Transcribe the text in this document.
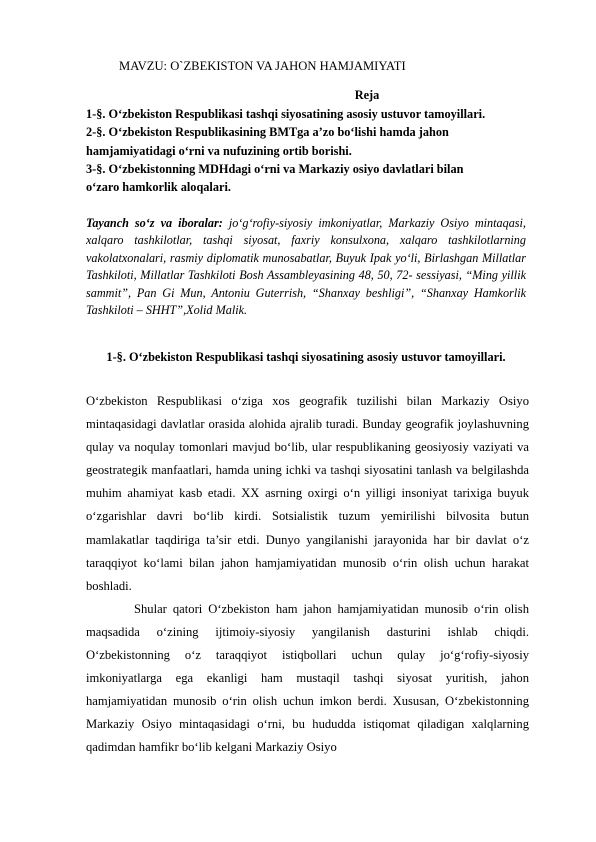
MAVZU: O`ZBEKISTON VA JAHON HAMJAMIYATI
Reja
1-§. O‘zbekiston Respublikasi tashqi siyosatining asosiy ustuvor tamoyillari.
2-§. O‘zbekiston Respublikasining BMTga a’zo bo‘lishi hamda jahon
hamjamiyatidagi o‘rni va nufuzining ortib borishi.
3-§. O‘zbekistonning MDHdagi o‘rni va Markaziy osiyo davlatlari bilan
o‘zaro hamkorlik aloqalari.
Tayanch so‘z va iboralar: jo‘g‘rofiy-siyosiy imkoniyatlar, Markaziy Osiyo mintaqasi, xalqaro tashkilotlar, tashqi siyosat, faxriy konsulxona, xalqaro tashkilotlarning vakolatxonalari, rasmiy diplomatik munosabatlar, Buyuk Ipak yo‘li, Birlashgan Millatlar Tashkiloti, Millatlar Tashkiloti Bosh Assambleyasining 48, 50, 72- sessiyasi, “Ming yillik sammit”, Pan Gi Mun, Antoniu Guterrish, “Shanxay beshligi”, “Shanxay Hamkorlik Tashkiloti – SHHT”,Xolid Malik.
1-§. O‘zbekiston Respublikasi tashqi siyosatining asosiy ustuvor tamoyillari.

O‘zbekiston Respublikasi o‘ziga xos geografik tuzilishi bilan Markaziy Osiyo mintaqasidagi davlatlar orasida alohida ajralib turadi. Bunday geografik joylashuvning qulay va noqulay tomonlari mavjud bo‘lib, ular respublikaning geosiyosiy vaziyati va geostrategik manfaatlari, hamda uning ichki va tashqi siyosatini tanlash va belgilashda muhim ahamiyat kasb etadi. XX asrning oxirgi o‘n yilligi insoniyat tarixiga buyuk o‘zgarishlar davri bo‘lib kirdi. Sotsialistik tuzum yemirilishi bilvosita butun mamlakatlar taqdiriga ta’sir etdi. Dunyo yangilanishi jarayonida har bir davlat o‘z taraqqiyot ko‘lami bilan jahon hamjamiyatidan munosib o‘rin olish uchun harakat boshladi.

Shular qatori O‘zbekiston ham jahon hamjamiyatidan munosib o‘rin olish maqsadida o‘zining ijtimoiy-siyosiy yangilanish dasturini ishlab chiqdi. O‘zbekistonning o‘z taraqqiyot istiqbollari uchun qulay jo‘g‘rofiy-siyosiy imkoniyatlarga ega ekanligi ham mustaqil tashqi siyosat yuritish, jahon hamjamiyatidan munosib o‘rin olish uchun imkon berdi. Xususan, O‘zbekistonning Markaziy Osiyo mintaqasidagi o‘rni, bu hududda istiqomat qiladigan xalqlarning qadimdan hamfikr bo‘lib kelgani Markaziy Osiyo
